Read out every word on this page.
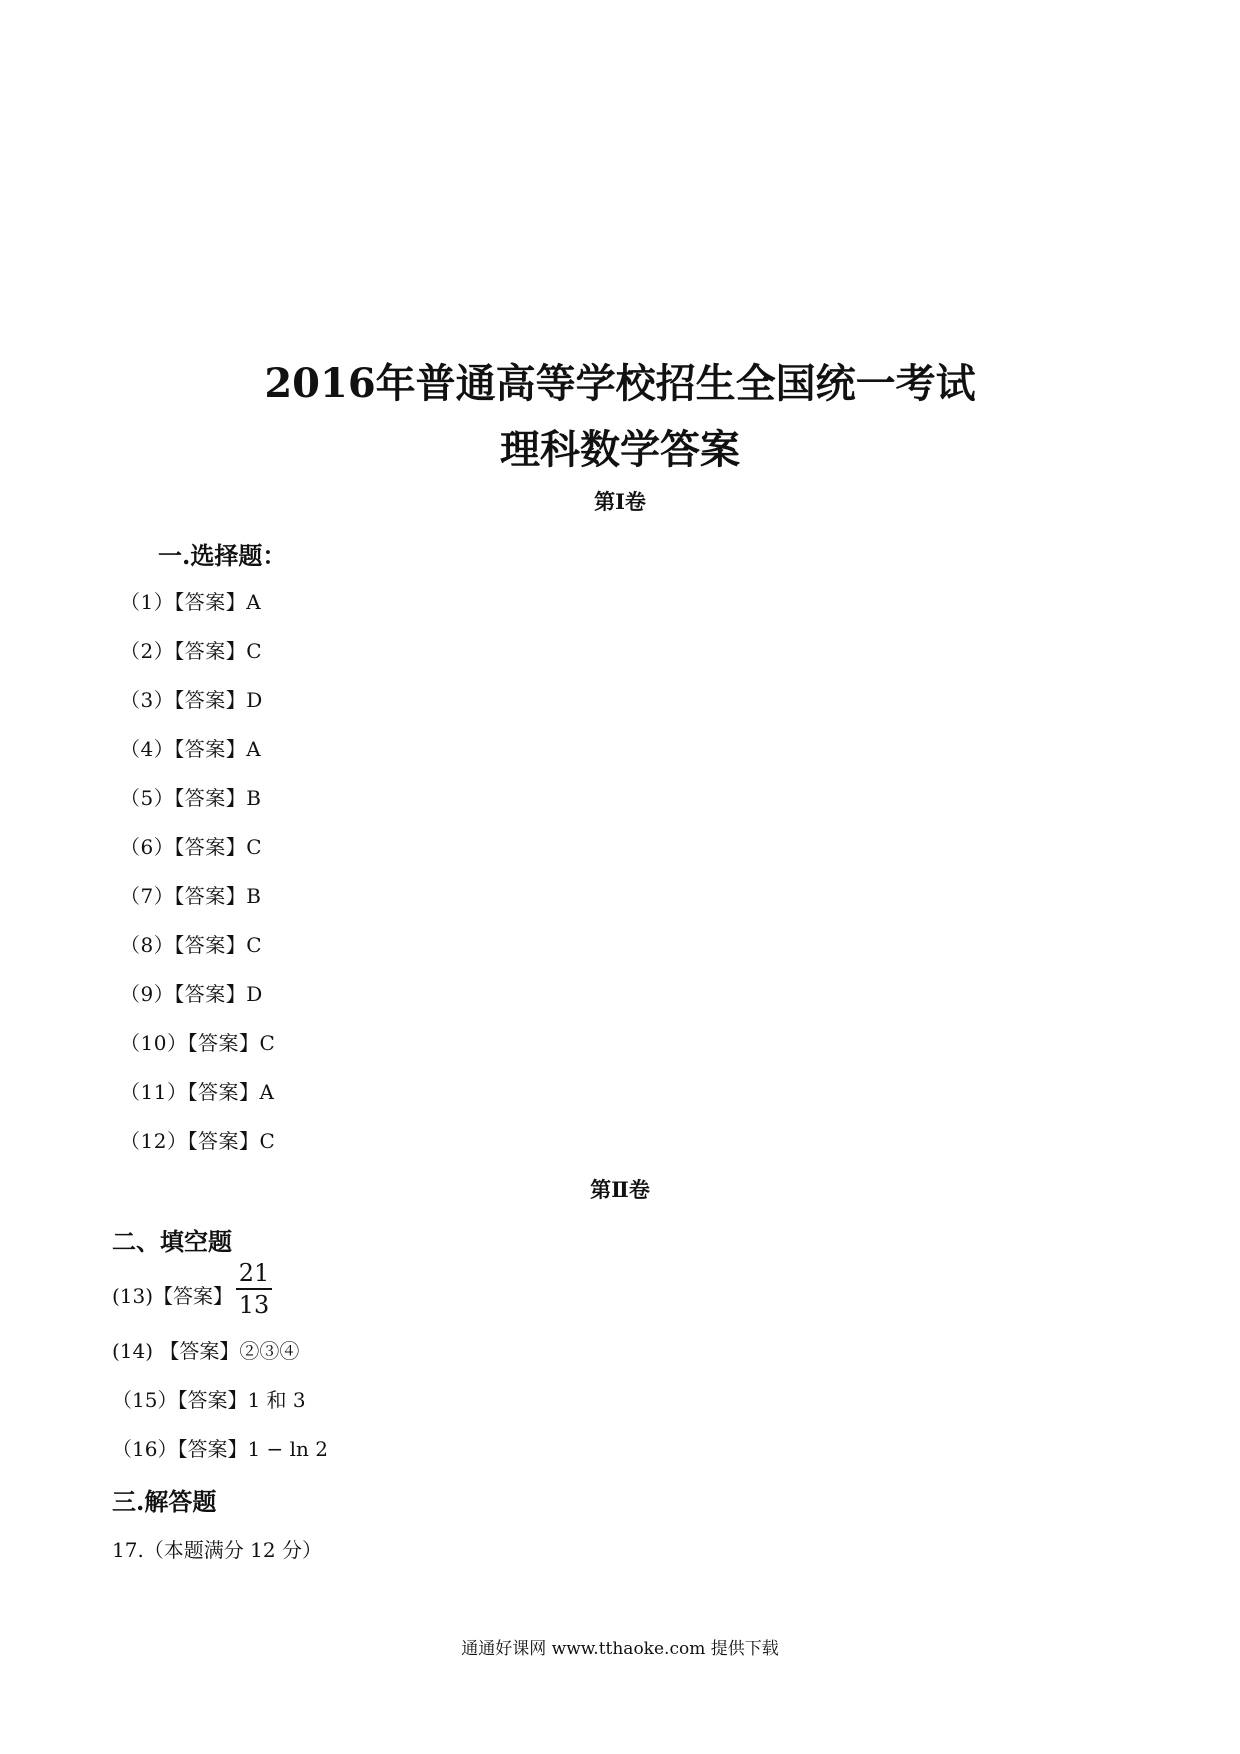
2016年普通高等学校招生全国统一考试
理科数学答案
第Ⅰ卷
一.选择题：
（1）【答案】A
（2）【答案】C
（3）【答案】D
（4）【答案】A
（5）【答案】B
（6）【答案】C
（7）【答案】B
（8）【答案】C
（9）【答案】D
（10）【答案】C
（11）【答案】A
（12）【答案】C
第Ⅱ卷
二、填空题
(13)【答案】
21
13
(14) 【答案】②③④
（15）【答案】1 和 3
（16）【答案】1 − ln 2
三.解答题
17.（本题满分 12 分）
通通好课网 www.tthaoke.com 提供下载
